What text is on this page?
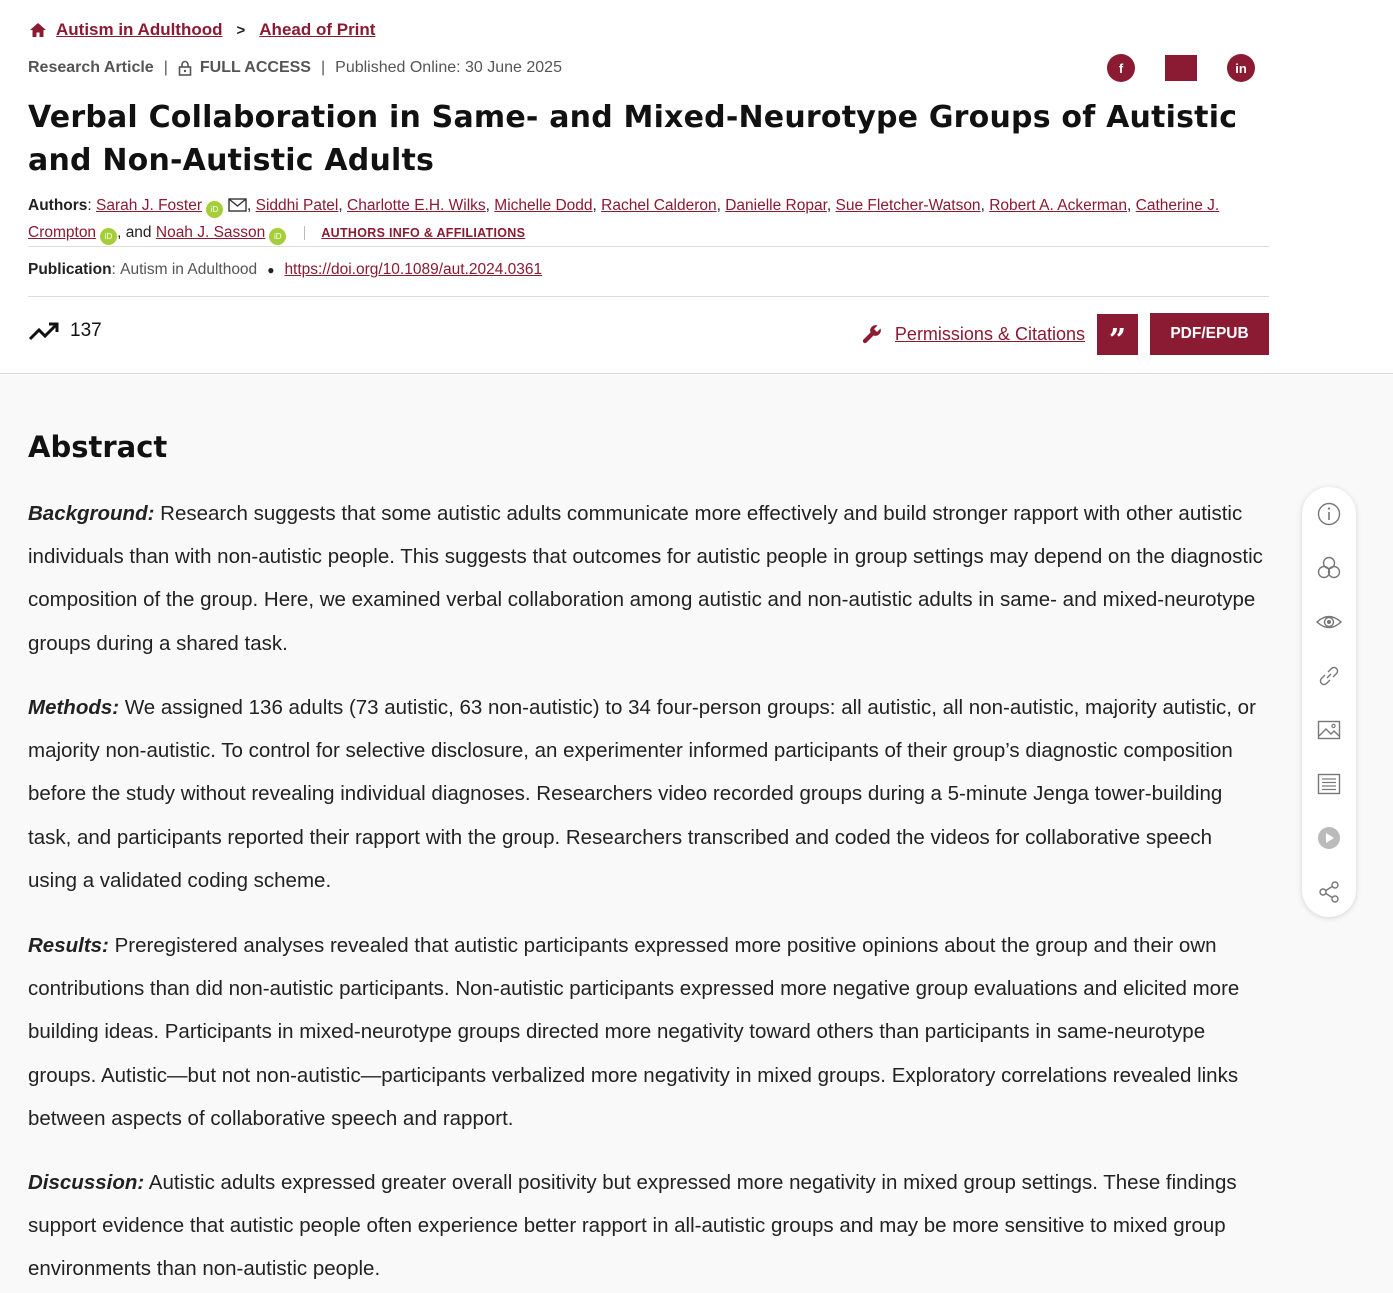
Autism in Adulthood > Ahead of Print
Research Article | FULL ACCESS | Published Online: 30 June 2025	f	in
Verbal Collaboration in Same- and Mixed-Neurotype Groups of Autistic and Non-Autistic Adults
Authors: Sarah J. Foster iD , Siddhi Patel, Charlotte E.H. Wilks, Michelle Dodd, Rachel Calderon, Danielle Ropar, Sue Fletcher-Watson, Robert A. Ackerman, Catherine J. Crompton iD , and Noah J. Sasson iD	AUTHORS INFO & AFFILIATIONS
Publication : Autism in Adulthood ● https://doi.org/10.1089/aut.2024.0361
137	Permissions & Citations ”	PDF/EPUB
Abstract

Background: Research suggests that some autistic adults communicate more effectively and build stronger rapport with other autistic individuals than with non-autistic people. This suggests that outcomes for autistic people in group settings may depend on the diagnostic composition of the group. Here, we examined verbal collaboration among autistic and non-autistic adults in same- and mixed-neurotype groups during a shared task.

Methods: We assigned 136 adults (73 autistic, 63 non-autistic) to 34 four-person groups: all autistic, all non-autistic, majority autistic, or majority non-autistic. To control for selective disclosure, an experimenter informed participants of their group’s diagnostic composition before the study without revealing individual diagnoses. Researchers video recorded groups during a 5-minute Jenga tower-building task, and participants reported their rapport with the group. Researchers transcribed and coded the videos for collaborative speech using a validated coding scheme.

Results: Preregistered analyses revealed that autistic participants expressed more positive opinions about the group and their own contributions than did non-autistic participants. Non-autistic participants expressed more negative group evaluations and elicited more building ideas. Participants in mixed-neurotype groups directed more negativity toward others than participants in same-neurotype groups. Autistic—but not non-autistic—participants verbalized more negativity in mixed groups. Exploratory correlations revealed links between aspects of collaborative speech and rapport.

Discussion: Autistic adults expressed greater overall positivity but expressed more negativity in mixed group settings. These findings support evidence that autistic people often experience better rapport in all-autistic groups and may be more sensitive to mixed group environments than non-autistic people.
